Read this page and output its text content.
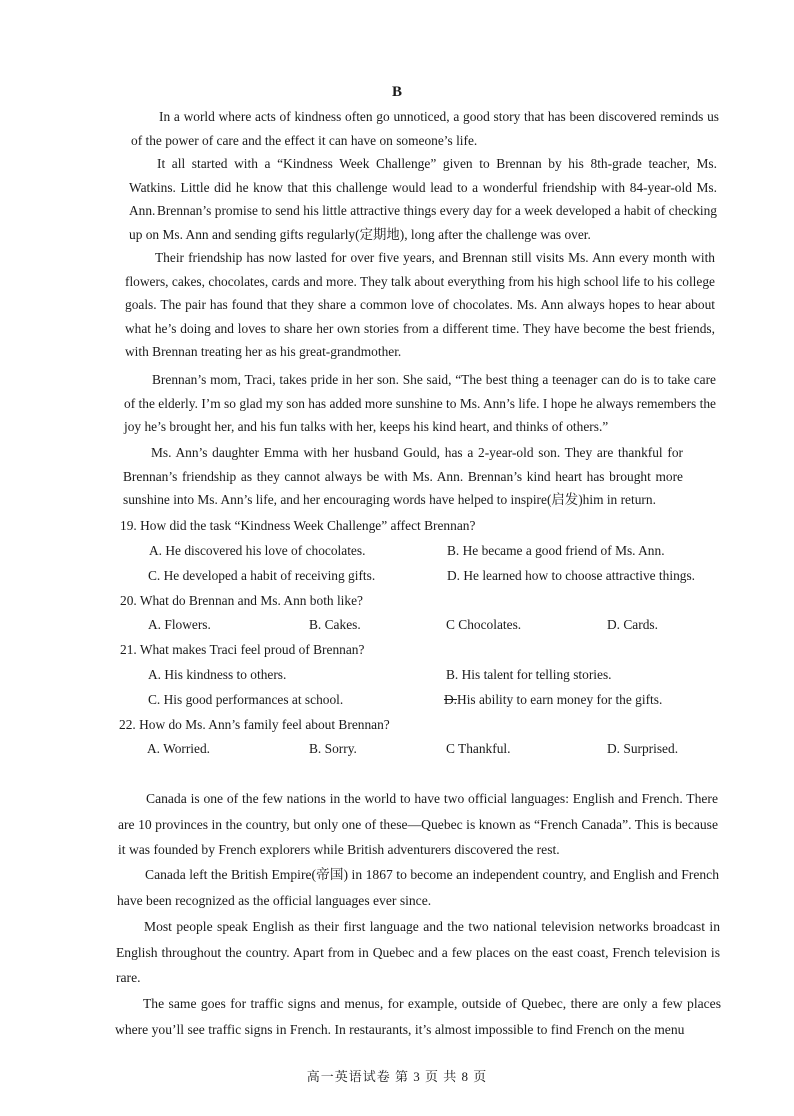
B

In a world where acts of kindness often go unnoticed, a good story that has been discovered reminds us of the power of care and the effect it can have on someone’s life.

It all started with a “Kindness Week Challenge” given to Brennan by his 8th-grade teacher, Ms. Watkins. Little did he know that this challenge would lead to a wonderful friendship with 84-year-old Ms. Ann. Brennan’s promise to send his little attractive things every day for a week developed a habit of checking up on Ms. Ann and sending gifts regularly(定期地), long after the challenge was over.

Their friendship has now lasted for over five years, and Brennan still visits Ms. Ann every month with flowers, cakes, chocolates, cards and more. They talk about everything from his high school life to his college goals. The pair has found that they share a common love of chocolates. Ms. Ann always hopes to hear about what he’s doing and loves to share her own stories from a different time. They have become the best friends, with Brennan treating her as his great-grandmother.

Brennan’s mom, Traci, takes pride in her son. She said, “The best thing a teenager can do is to take care of the elderly. I’m so glad my son has added more sunshine to Ms. Ann’s life. I hope he always remembers the joy he’s brought her, and his fun talks with her, keeps his kind heart, and thinks of others.”

Ms. Ann’s daughter Emma with her husband Gould, has a 2-year-old son. They are thankful for Brennan’s friendship as they cannot always be with Ms. Ann. Brennan’s kind heart has brought more sunshine into Ms. Ann’s life, and her encouraging words have helped to inspire(启发)him in return.

19. How did the task “Kindness Week Challenge” affect Brennan?
A. He discovered his love of chocolates.	B. He became a good friend of Ms. Ann.
C. He developed a habit of receiving gifts.	D. He learned how to choose attractive things.
20. What do Brennan and Ms. Ann both like?
A. Flowers.	B. Cakes.	C Chocolates.	D. Cards.
21. What makes Traci feel proud of Brennan?
A. His kindness to others.	B. His talent for telling stories.
C. His good performances at school.	D.His ability to earn money for the gifts.
22. How do Ms. Ann’s family feel about Brennan?
A. Worried.	B. Sorry.	C Thankful.	D. Surprised.

Canada is one of the few nations in the world to have two official languages: English and French. There are 10 provinces in the country, but only one of these—Quebec is known as “French Canada”. This is because it was founded by French explorers while British adventurers discovered the rest.

Canada left the British Empire(帝国) in 1867 to become an independent country, and English and French have been recognized as the official languages ever since.

Most people speak English as their first language and the two national television networks broadcast in English throughout the country. Apart from in Quebec and a few places on the east coast, French television is rare.

The same goes for traffic signs and menus, for example, outside of Quebec, there are only a few places where you’ll see traffic signs in French. In restaurants, it’s almost impossible to find French on the menu

高一英语试卷 第 3 页 共 8 页
